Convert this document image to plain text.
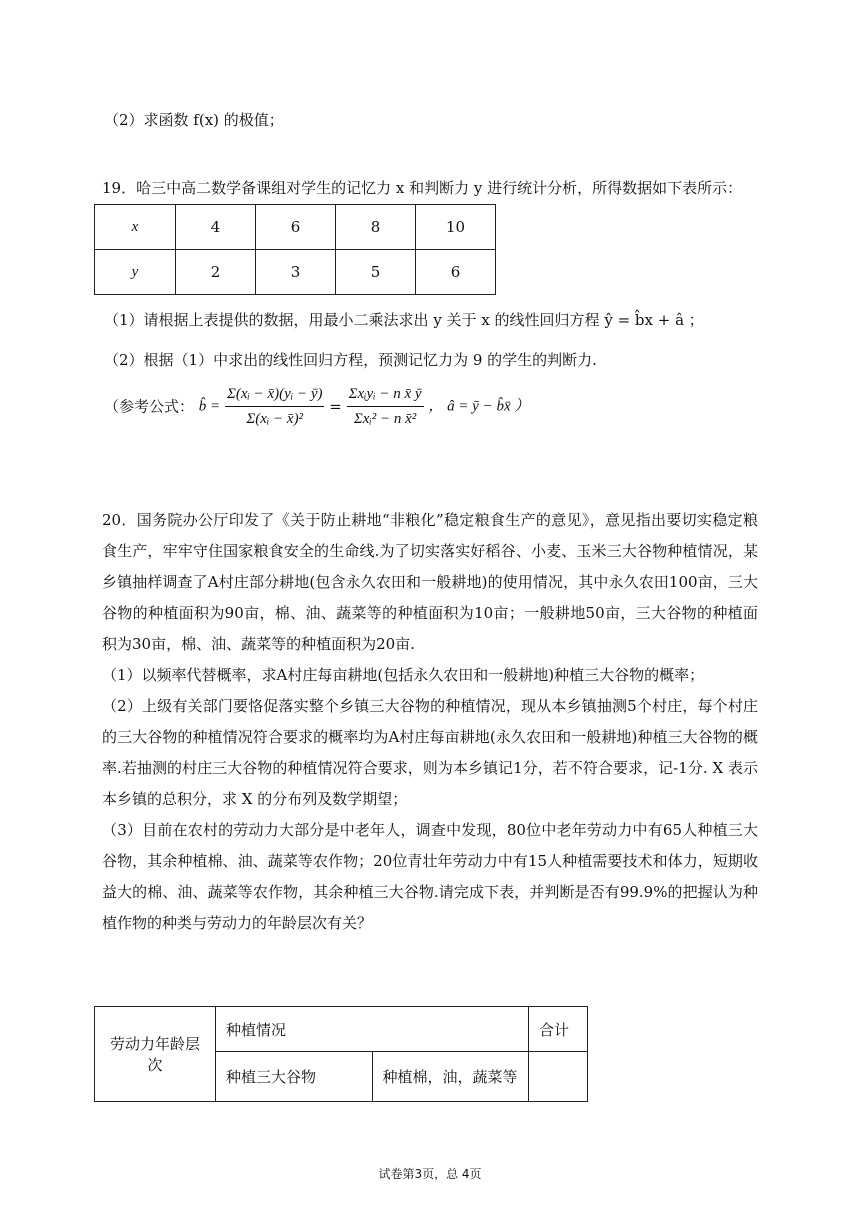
（2）求函数 f(x) 的极值；
19．哈三中高二数学备课组对学生的记忆力 x 和判断力 y 进行统计分析，所得数据如下表所示：
x	4	6	8	10
y	2	3	5	6
（1）请根据上表提供的数据，用最小二乘法求出 y 关于 x 的线性回归方程 ŷ = b̂x + â ；
（2）根据（1）中求出的线性回归方程，预测记忆力为 9 的学生的判断力.
（参考公式： b̂ = $\frac{\text{Σ(xᵢ − x̄)(yᵢ − ȳ)}}{\text{Σ(xᵢ − x̄)²}} = \frac{\text{Σxᵢyᵢ − n x̄ ȳ}}{\text{Σxᵢ² − n x̄²}}$ ， â = ȳ − b̂x̄ ）

20．国务院办公厅印发了《关于防止耕地“非粮化”稳定粮食生产的意见》，意见指出要切实稳定粮食生产，牢牢守住国家粮食安全的生命线.为了切实落实好稻谷、小麦、玉米三大谷物种植情况，某乡镇抽样调查了A村庄部分耕地(包含永久农田和一般耕地)的使用情况，其中永久农田100亩，三大谷物的种植面积为90亩，棉、油、蔬菜等的种植面积为10亩；一般耕地50亩，三大谷物的种植面积为30亩，棉、油、蔬菜等的种植面积为20亩.

（1）以频率代替概率，求A村庄每亩耕地(包括永久农田和一般耕地)种植三大谷物的概率；

（2）上级有关部门要恪促落实整个乡镇三大谷物的种植情况，现从本乡镇抽测5个村庄，每个村庄的三大谷物的种植情况符合要求的概率均为A村庄每亩耕地(永久农田和一般耕地)种植三大谷物的概率.若抽测的村庄三大谷物的种植情况符合要求，则为本乡镇记1分，若不符合要求，记-1分. X 表示本乡镇的总积分，求 X 的分布列及数学期望；

（3）目前在农村的劳动力大部分是中老年人，调查中发现，80位中老年劳动力中有65人种植三大谷物，其余种植棉、油、蔬菜等农作物；20位青壮年劳动力中有15人种植需要技术和体力，短期收益大的棉、油、蔬菜等农作物，其余种植三大谷物.请完成下表，并判断是否有99.9%的把握认为种植作物的种类与劳动力的年龄层次有关？

劳动力年龄层次	种植情况		合计
	种植三大谷物	种植棉，油，蔬菜等	
试卷第3页，总 4页
